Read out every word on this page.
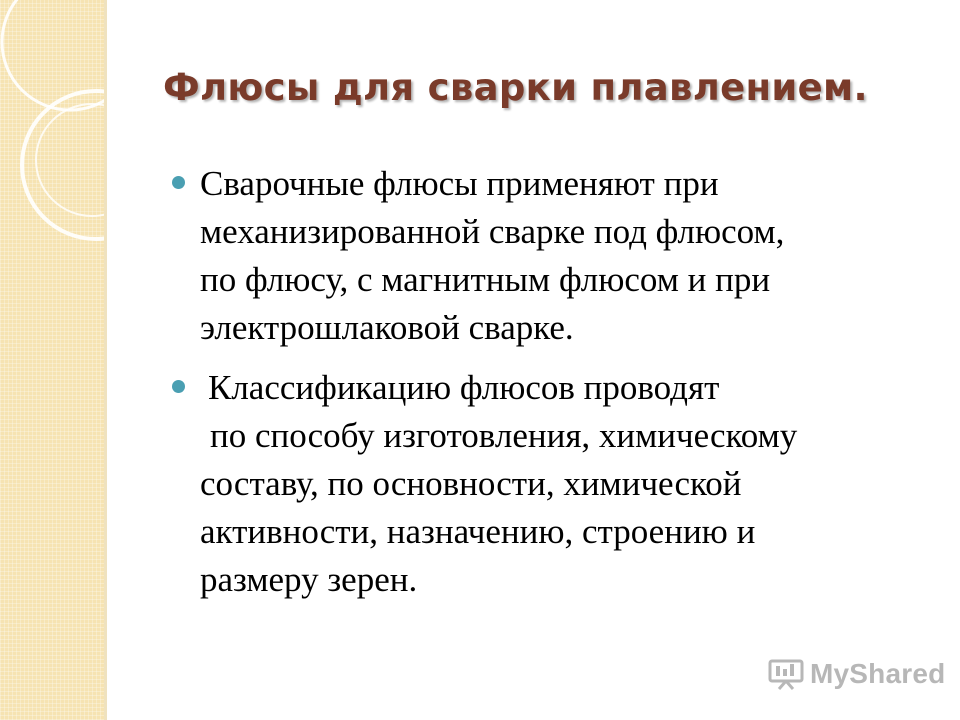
Флюсы для сварки плавлением.
Сварочные флюсы применяют при
механизированной сварке под флюсом,
по флюсу, с магнитным флюсом и при
электрошлаковой сварке.
Классификацию флюсов проводят
по способу изготовления, химическому
составу, по основности, химической
активности, назначению, строению и
размеру зерен.
MyShared
